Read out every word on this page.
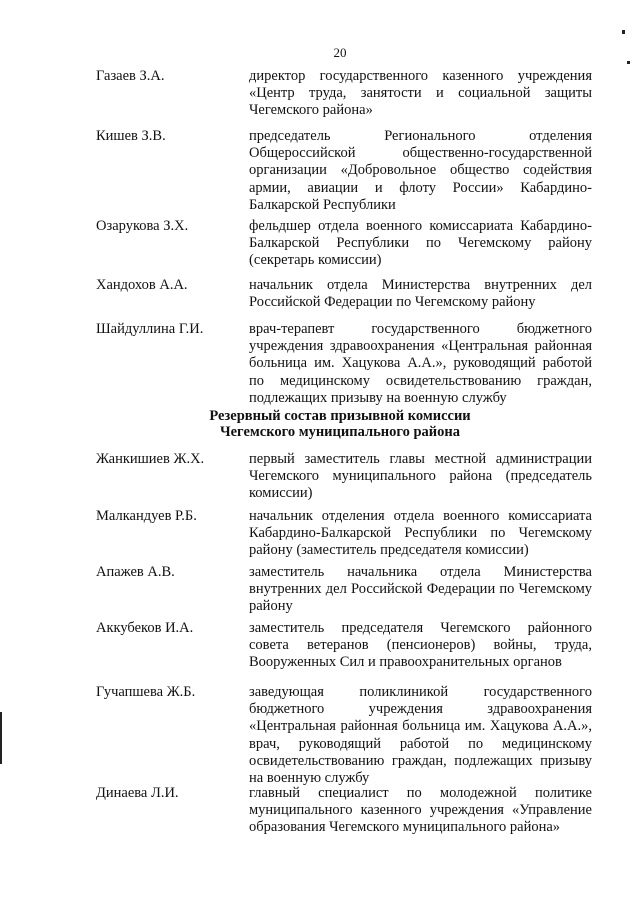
20
Газаев З.А.	директор государственного казенного учреждения «Центр труда, занятости и социальной защиты Чегемского района»
Кишев З.В.	председатель Регионального отделения Общероссийской общественно-государственной организации «Добровольное общество содействия армии, авиации и флоту России» Кабардино-Балкарской Республики
Озарукова З.Х.	фельдшер отдела военного комиссариата Кабардино-Балкарской Республики по Чегемскому району (секретарь комиссии)
Хандохов А.А.	начальник отдела Министерства внутренних дел Российской Федерации по Чегемскому району
Шайдуллина Г.И.	врач-терапевт государственного бюджетного учреждения здравоохранения «Центральная районная больница им. Хацукова А.А.», руководящий работой по медицинскому освидетельствованию граждан, подлежащих призыву на военную службу
Резервный состав призывной комиссии
Чегемского муниципального района
Жанкишиев Ж.Х.	первый заместитель главы местной администрации Чегемского муниципального района (председатель комиссии)
Малкандуев Р.Б.	начальник отделения отдела военного комиссариата Кабардино-Балкарской Республики по Чегемскому району (заместитель председателя комиссии)
Апажев А.В.	заместитель начальника отдела Министерства внутренних дел Российской Федерации по Чегемскому району
Аккубеков И.А.	заместитель председателя Чегемского районного совета ветеранов (пенсионеров) войны, труда, Вооруженных Сил и правоохранительных органов
Гучапшева Ж.Б.	заведующая поликлиникой государственного бюджетного учреждения здравоохранения «Центральная районная больница им. Хацукова А.А.», врач, руководящий работой по медицинскому освидетельствованию граждан, подлежащих призыву на военную службу
Динаева Л.И.	главный специалист по молодежной политике муниципального казенного учреждения «Управление образования Чегемского муниципального района»
